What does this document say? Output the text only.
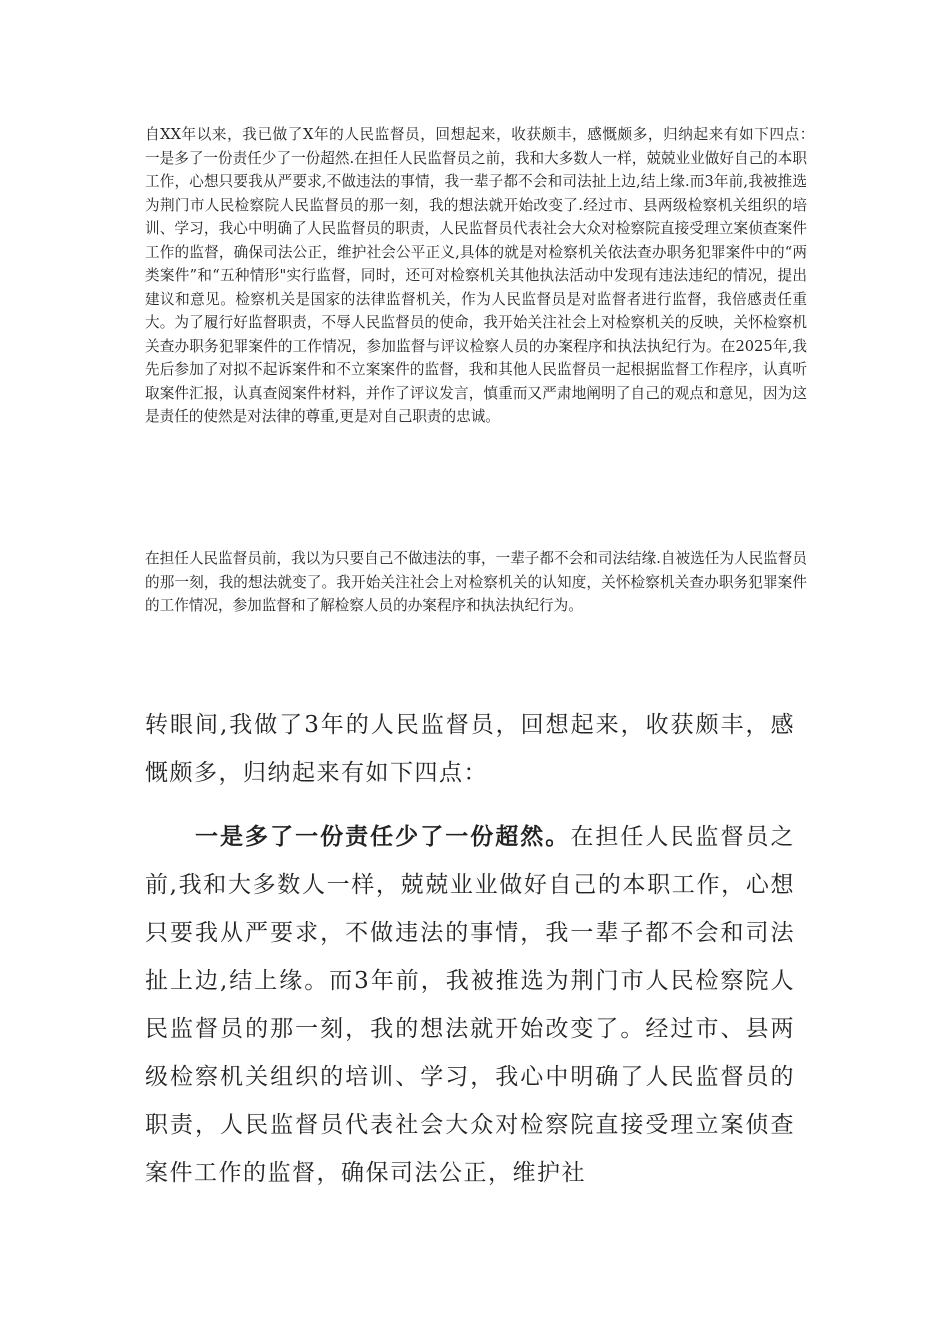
自XX年以来，我已做了X年的人民监督员，回想起来，收获颇丰，感慨颇多，归纳起来有如下四点：　　　　一是多了一份责任少了一份超然.在担任人民监督员之前，我和大多数人一样，兢兢业业做好自己的本职工作，心想只要我从严要求,不做违法的事情，我一辈子都不会和司法扯上边,结上缘.而3年前,我被推选为荆门市人民检察院人民监督员的那一刻，我的想法就开始改变了.经过市、县两级检察机关组织的培训、学习，我心中明确了人民监督员的职责，人民监督员代表社会大众对检察院直接受理立案侦查案件工作的监督，确保司法公正，维护社会公平正义,具体的就是对检察机关依法查办职务犯罪案件中的“两类案件”和“五种情形"实行监督，同时，还可对检察机关其他执法活动中发现有违法违纪的情况，提出建议和意见。检察机关是国家的法律监督机关，作为人民监督员是对监督者进行监督，我倍感责任重大。为了履行好监督职责，不辱人民监督员的使命，我开始关注社会上对检察机关的反映，关怀检察机关查办职务犯罪案件的工作情况，参加监督与评议检察人员的办案程序和执法执纪行为。在2025年,我先后参加了对拟不起诉案件和不立案案件的监督，我和其他人民监督员一起根据监督工作程序，认真听取案件汇报，认真查阅案件材料，并作了评议发言，慎重而又严肃地阐明了自己的观点和意见，因为这是责任的使然是对法律的尊重,更是对自己职责的忠诚。

在担任人民监督员前，我以为只要自己不做违法的事，一辈子都不会和司法结缘.自被选任为人民监督员的那一刻，我的想法就变了。我开始关注社会上对检察机关的认知度，关怀检察机关查办职务犯罪案件的工作情况，参加监督和了解检察人员的办案程序和执法执纪行为。

转眼间,我做了3年的人民监督员，回想起来，收获颇丰，感慨颇多，归纳起来有如下四点：

一是多了一份责任少了一份超然。在担任人民监督员之前,我和大多数人一样，兢兢业业做好自己的本职工作，心想只要我从严要求，不做违法的事情，我一辈子都不会和司法扯上边,结上缘。而3年前，我被推选为荆门市人民检察院人民监督员的那一刻，我的想法就开始改变了。经过市、县两级检察机关组织的培训、学习，我心中明确了人民监督员的职责，人民监督员代表社会大众对检察院直接受理立案侦查案件工作的监督，确保司法公正，维护社
